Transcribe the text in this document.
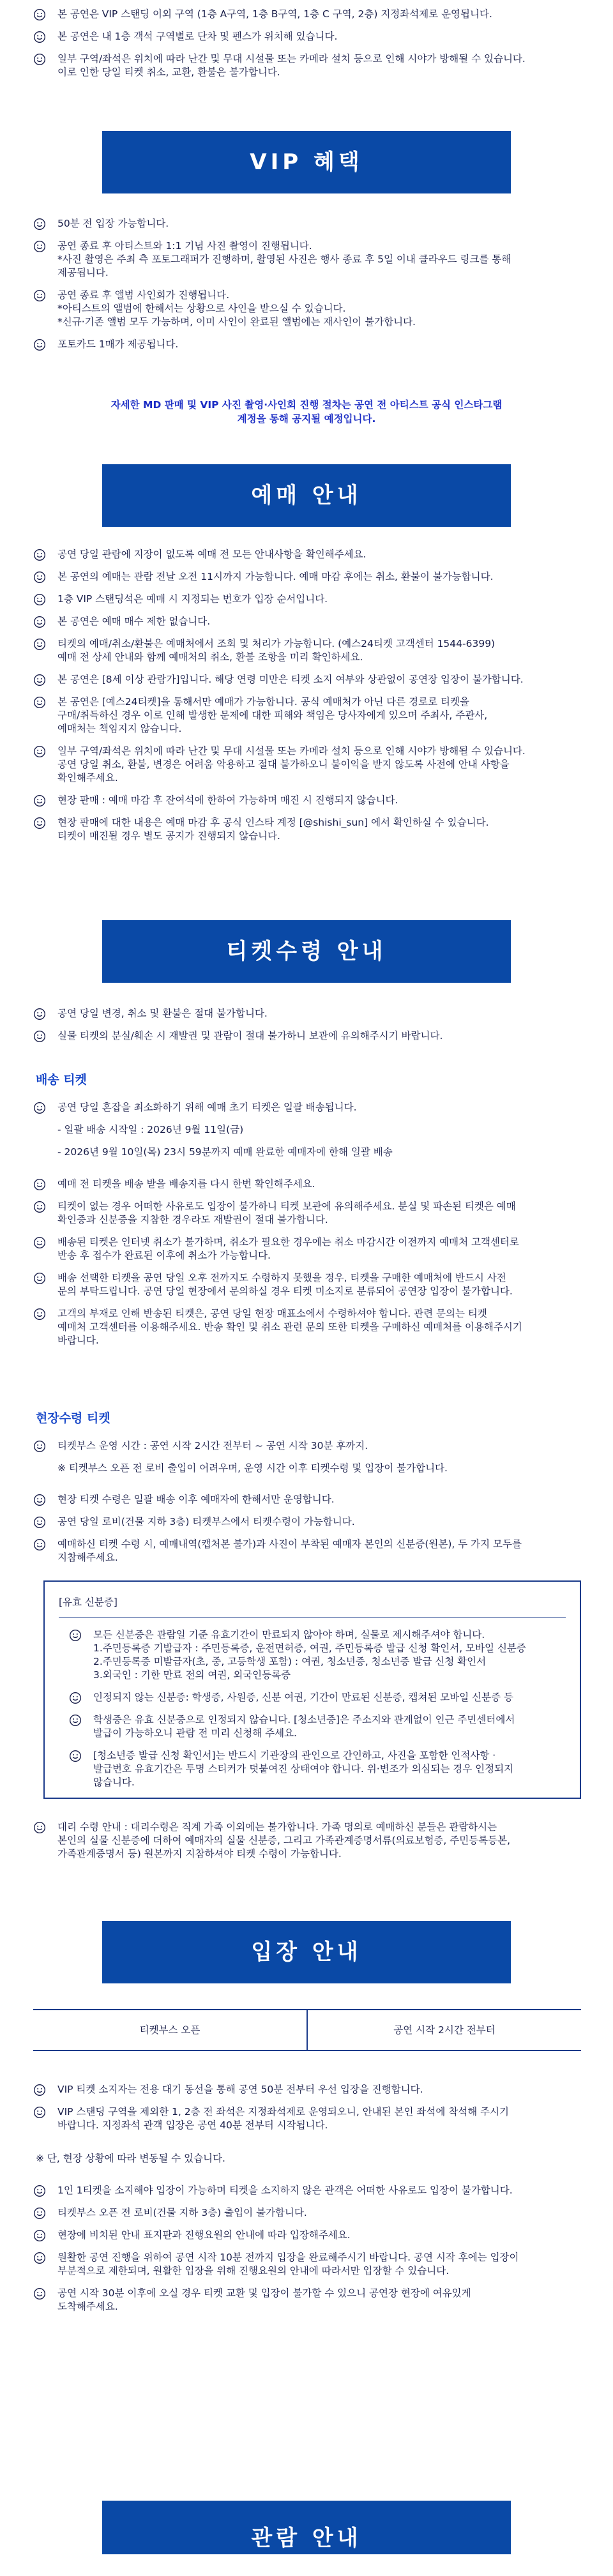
본 공연은 VIP 스탠딩 이외 구역 (1층 A구역, 1층 B구역, 1층 C 구역, 2층) 지정좌석제로 운영됩니다.
본 공연은 내 1층 객석 구역별로 단차 및 펜스가 위치해 있습니다.
일부 구역/좌석은 위치에 따라 난간 및 무대 시설물 또는 카메라 설치 등으로 인해 시야가 방해될 수 있습니다.
이로 인한 당일 티켓 취소, 교환, 환불은 불가합니다.
VIP 혜택
50분 전 입장 가능합니다.
공연 종료 후 아티스트와 1:1 기념 사진 촬영이 진행됩니다.
*사진 촬영은 주최 측 포토그래퍼가 진행하며, 촬영된 사진은 행사 종료 후 5일 이내 클라우드 링크를 통해
제공됩니다.
공연 종료 후 앨범 사인회가 진행됩니다.
*아티스트의 앨범에 한해서는 상황으로 사인을 받으실 수 있습니다.
*신규·기존 앨범 모두 가능하며, 이미 사인이 완료된 앨범에는 재사인이 불가합니다.
포토카드 1매가 제공됩니다.
자세한 MD 판매 및 VIP 사진 촬영·사인회 진행 절차는 공연 전 아티스트 공식 인스타그램
계정을 통해 공지될 예정입니다.
예매 안내
공연 당일 관람에 지장이 없도록 예매 전 모든 안내사항을 확인해주세요.
본 공연의 예매는 관람 전날 오전 11시까지 가능합니다. 예매 마감 후에는 취소, 환불이 불가능합니다.
1층 VIP 스탠딩석은 예매 시 지정되는 번호가 입장 순서입니다.
본 공연은 예매 매수 제한 없습니다.
티켓의 예매/취소/환불은 예매처에서 조회 및 처리가 가능합니다. (예스24티켓 고객센터 1544-6399)
예매 전 상세 안내와 함께 예매처의 취소, 환불 조항을 미리 확인하세요.
본 공연은 [8세 이상 관람가]입니다. 해당 연령 미만은 티켓 소지 여부와 상관없이 공연장 입장이 불가합니다.
본 공연은 [예스24티켓]을 통해서만 예매가 가능합니다. 공식 예매처가 아닌 다른 경로로 티켓을
구매/취득하신 경우 이로 인해 발생한 문제에 대한 피해와 책임은 당사자에게 있으며 주최사, 주관사,
예매처는 책임지지 않습니다.
일부 구역/좌석은 위치에 따라 난간 및 무대 시설물 또는 카메라 설치 등으로 인해 시야가 방해될 수 있습니다.
공연 당일 취소, 환불, 변경은 어려움 악용하고 절대 불가하오니 불이익을 받지 않도록 사전에 안내 사항을
확인해주세요.
현장 판매 : 예매 마감 후 잔여석에 한하여 가능하며 매진 시 진행되지 않습니다.
현장 판매에 대한 내용은 예매 마감 후 공식 인스타 계정 [@shishi_sun] 에서 확인하실 수 있습니다.
티켓이 매진될 경우 별도 공지가 진행되지 않습니다.
티켓수령 안내
공연 당일 변경, 취소 및 환불은 절대 불가합니다.
실물 티켓의 분실/훼손 시 재발권 및 관람이 절대 불가하니 보관에 유의해주시기 바랍니다.
배송 티켓
공연 당일 혼잡을 최소화하기 위해 예매 초기 티켓은 일괄 배송됩니다.
- 일괄 배송 시작일 : 2026년 9월 11일(금)
- 2026년 9월 10일(목) 23시 59분까지 예매 완료한 예매자에 한해 일괄 배송
예매 전 티켓을 배송 받을 배송지를 다시 한번 확인해주세요.
티켓이 없는 경우 어떠한 사유로도 입장이 불가하니 티켓 보관에 유의해주세요. 분실 및 파손된 티켓은 예매
확인증과 신분증을 지참한 경우라도 재발권이 절대 불가합니다.
배송된 티켓은 인터넷 취소가 불가하며, 취소가 필요한 경우에는 취소 마감시간 이전까지 예매처 고객센터로
반송 후 접수가 완료된 이후에 취소가 가능합니다.
배송 선택한 티켓을 공연 당일 오후 전까지도 수령하지 못했을 경우, 티켓을 구매한 예매처에 반드시 사전
문의 부탁드립니다. 공연 당일 현장에서 문의하실 경우 티켓 미소지로 분류되어 공연장 입장이 불가합니다.
고객의 부재로 인해 반송된 티켓은, 공연 당일 현장 매표소에서 수령하셔야 합니다. 관련 문의는 티켓
예매처 고객센터를 이용해주세요. 반송 확인 및 취소 관련 문의 또한 티켓을 구매하신 예매처를 이용해주시기
바랍니다.
현장수령 티켓
티켓부스 운영 시간 : 공연 시작 2시간 전부터 ~ 공연 시작 30분 후까지.
※ 티켓부스 오픈 전 로비 출입이 어려우며, 운영 시간 이후 티켓수령 및 입장이 불가합니다.
현장 티켓 수령은 일괄 배송 이후 예매자에 한해서만 운영합니다.
공연 당일 로비(건물 지하 3층) 티켓부스에서 티켓수령이 가능합니다.
예매하신 티켓 수령 시, 예매내역(캡처본 불가)과 사진이 부착된 예매자 본인의 신분증(원본), 두 가지 모두를
지참해주세요.
[유효 신분증]
모든 신분증은 관람일 기준 유효기간이 만료되지 않아야 하며, 실물로 제시해주셔야 합니다.
1.주민등록증 기발급자 : 주민등록증, 운전면허증, 여권, 주민등록증 발급 신청 확인서, 모바일 신분증
2.주민등록증 미발급자(초, 중, 고등학생 포함) : 여권, 청소년증, 청소년증 발급 신청 확인서
3.외국인 : 기한 만료 전의 여권, 외국인등록증
인정되지 않는 신분증: 학생증, 사원증, 신분 여권, 기간이 만료된 신분증, 캡쳐된 모바일 신분증 등
학생증은 유효 신분증으로 인정되지 않습니다. [청소년증]은 주소지와 관계없이 인근 주민센터에서
발급이 가능하오니 관람 전 미리 신청해 주세요.
[청소년증 발급 신청 확인서]는 반드시 기관장의 관인으로 간인하고, 사진을 포함한 인적사항 ·
발급번호 유효기간은 투명 스티커가 덧붙여진 상태여야 합니다. 위·변조가 의심되는 경우 인정되지
않습니다.
대리 수령 안내 : 대리수령은 직계 가족 이외에는 불가합니다. 가족 명의로 예매하신 분들은 관람하시는
본인의 실물 신분증에 더하여 예매자의 실물 신분증, 그리고 가족관계증명서류(의료보험증, 주민등록등본,
가족관계증명서 등) 원본까지 지참하셔야 티켓 수령이 가능합니다.
입장 안내
티켓부스 오픈	공연 시작 2시간 전부터
VIP 티켓 소지자는 전용 대기 동선을 통해 공연 50분 전부터 우선 입장을 진행합니다.
VIP 스탠딩 구역을 제외한 1, 2층 전 좌석은 지정좌석제로 운영되오니, 안내된 본인 좌석에 착석해 주시기
바랍니다. 지정좌석 관객 입장은 공연 40분 전부터 시작됩니다.
※ 단, 현장 상황에 따라 변동될 수 있습니다.
1인 1티켓을 소지해야 입장이 가능하며 티켓을 소지하지 않은 관객은 어떠한 사유로도 입장이 불가합니다.
티켓부스 오픈 전 로비(건물 지하 3층) 출입이 불가합니다.
현장에 비치된 안내 표지판과 진행요원의 안내에 따라 입장해주세요.
원활한 공연 진행을 위하여 공연 시작 10분 전까지 입장을 완료해주시기 바랍니다. 공연 시작 후에는 입장이
부분적으로 제한되며, 원활한 입장을 위해 진행요원의 안내에 따라서만 입장할 수 있습니다.
공연 시작 30분 이후에 오실 경우 티켓 교환 및 입장이 불가할 수 있으니 공연장 현장에 여유있게
도착해주세요.
관람 안내
